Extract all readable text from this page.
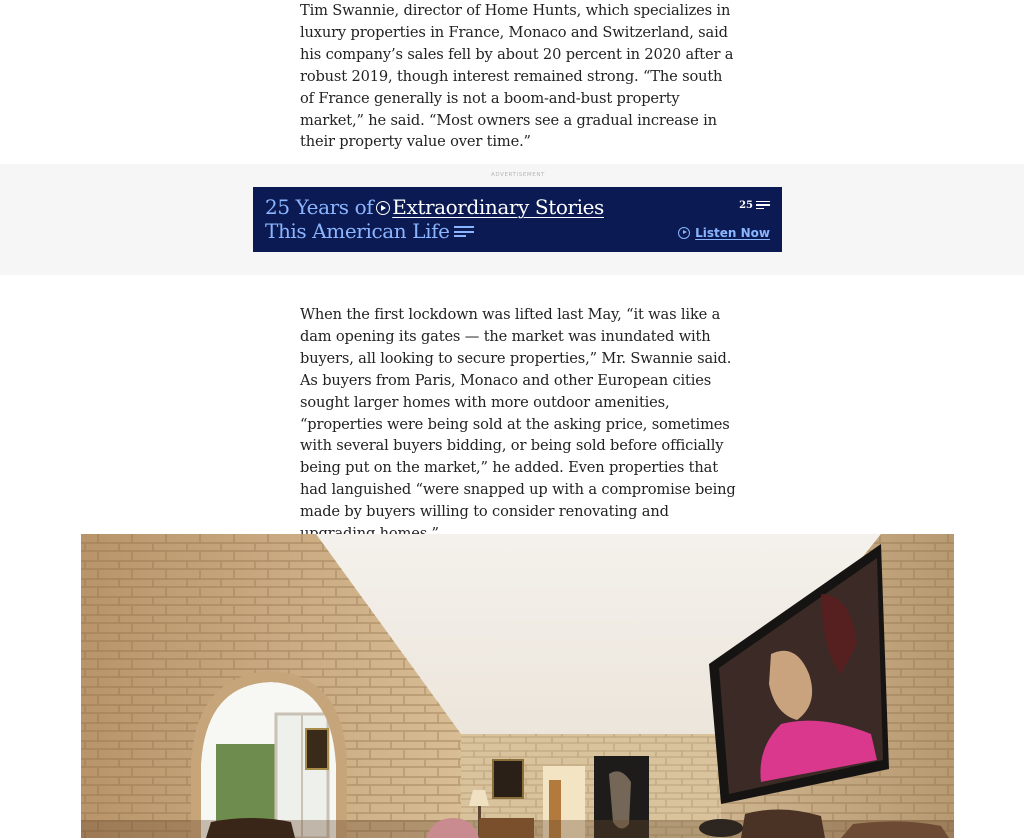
Tim Swannie, director of Home Hunts, which specializes in luxury properties in France, Monaco and Switzerland, said his company’s sales fell by about 20 percent in 2020 after a robust 2019, though interest remained strong. “The south of France generally is not a boom-and-bust property market,” he said. “Most owners see a gradual increase in their property value over time.”

ADVERTISEMENT
25 Years of Extraordinary Stories
This American Life
25
Listen Now

When the first lockdown was lifted last May, “it was like a dam opening its gates — the market was inundated with buyers, all looking to secure properties,” Mr. Swannie said. As buyers from Paris, Monaco and other European cities sought larger homes with more outdoor amenities, “properties were being sold at the asking price, sometimes with several buyers bidding, or being sold before officially being put on the market,” he added. Even properties that had languished “were snapped up with a compromise being made by buyers willing to consider renovating and
